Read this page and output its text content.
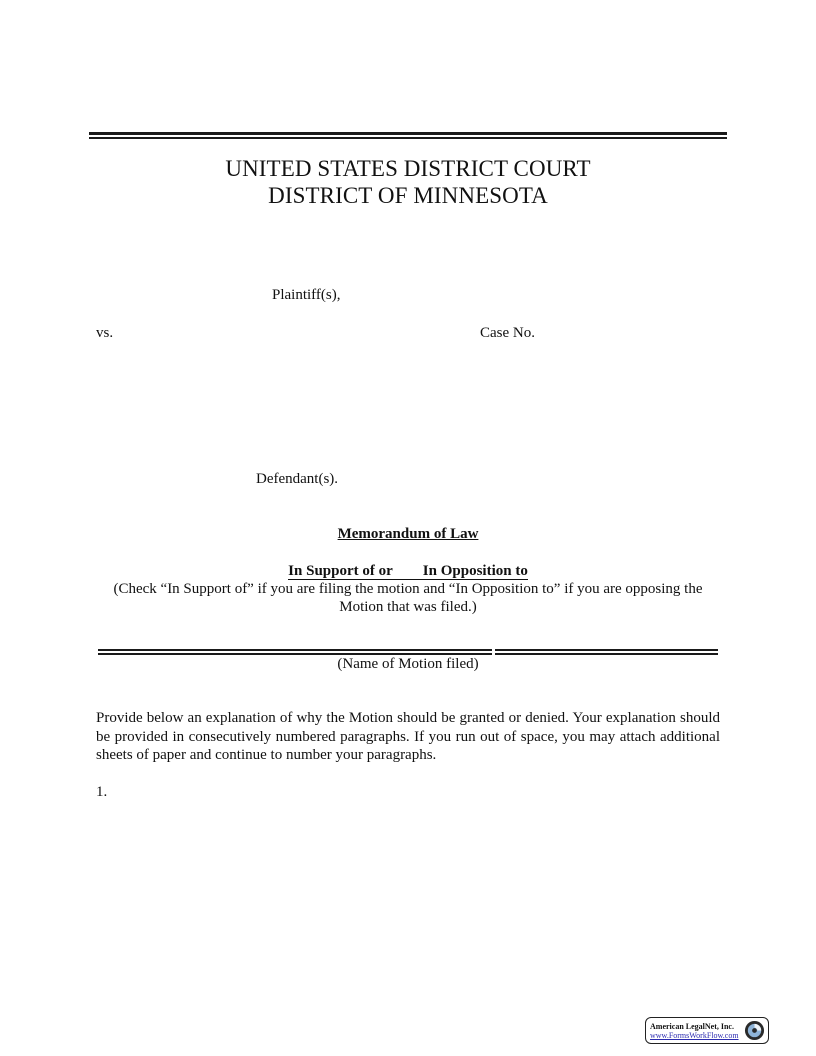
UNITED STATES DISTRICT COURT
DISTRICT OF MINNESOTA
Plaintiff(s),
vs.	Case No.
Defendant(s).
Memorandum of Law
In Support of or In Opposition to
(Check “In Support of” if you are filing the motion and “In Opposition to” if you are opposing the Motion that was filed.)
(Name of Motion filed)
Provide below an explanation of why the Motion should be granted or denied. Your explanation should be provided in consecutively numbered paragraphs. If you run out of space, you may attach additional sheets of paper and continue to number your paragraphs.
1.
American LegalNet, Inc.
www.FormsWorkFlow.com
